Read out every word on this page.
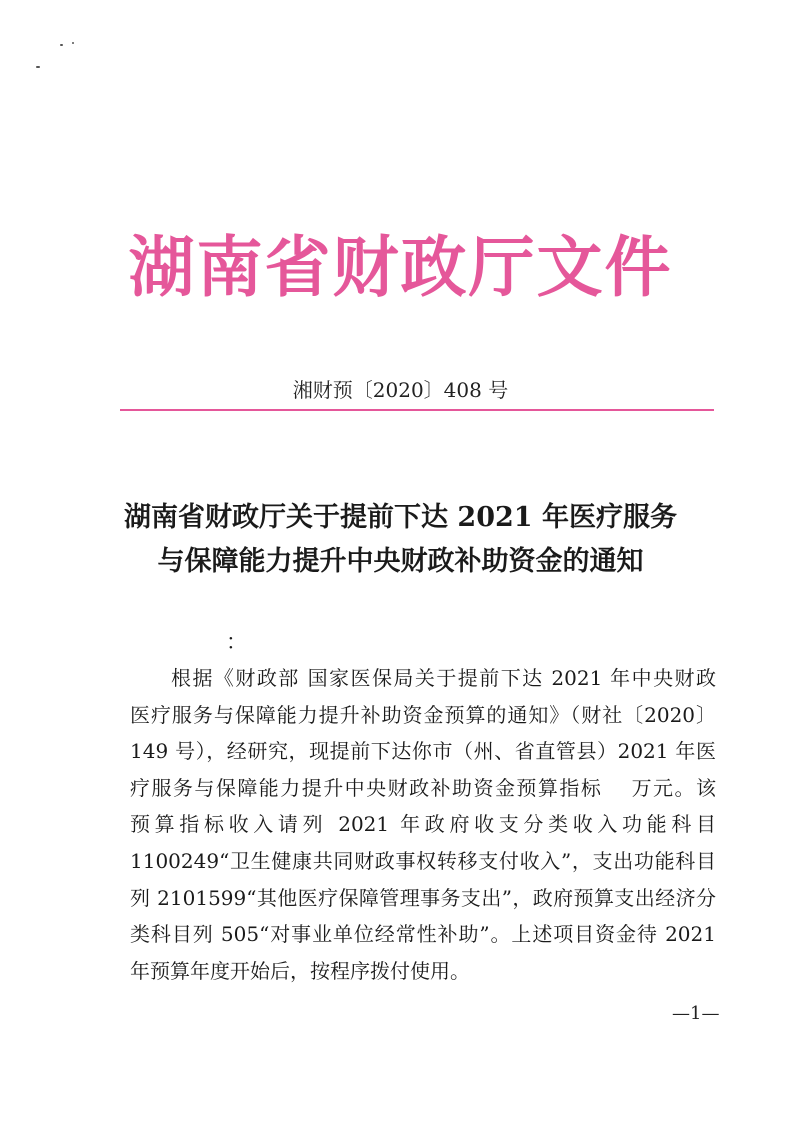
湖南省财政厅文件
湘财预〔2020〕408 号
湖南省财政厅关于提前下达 2021 年医疗服务
与保障能力提升中央财政补助资金的通知
：
根据《财政部 国家医保局关于提前下达 2021 年中央财政
医疗服务与保障能力提升补助资金预算的通知》（财社〔2020〕
149 号），经研究，现提前下达你市（州、省直管县）2021 年医
疗服务与保障能力提升中央财政补助资金预算指标　 万元。该
预算指标收入请列 2021 年政府收支分类收入功能科目
1100249“卫生健康共同财政事权转移支付收入”，支出功能科目
列 2101599“其他医疗保障管理事务支出”，政府预算支出经济分
类科目列 505“对事业单位经常性补助”。上述项目资金待 2021
年预算年度开始后，按程序拨付使用。
—1—
